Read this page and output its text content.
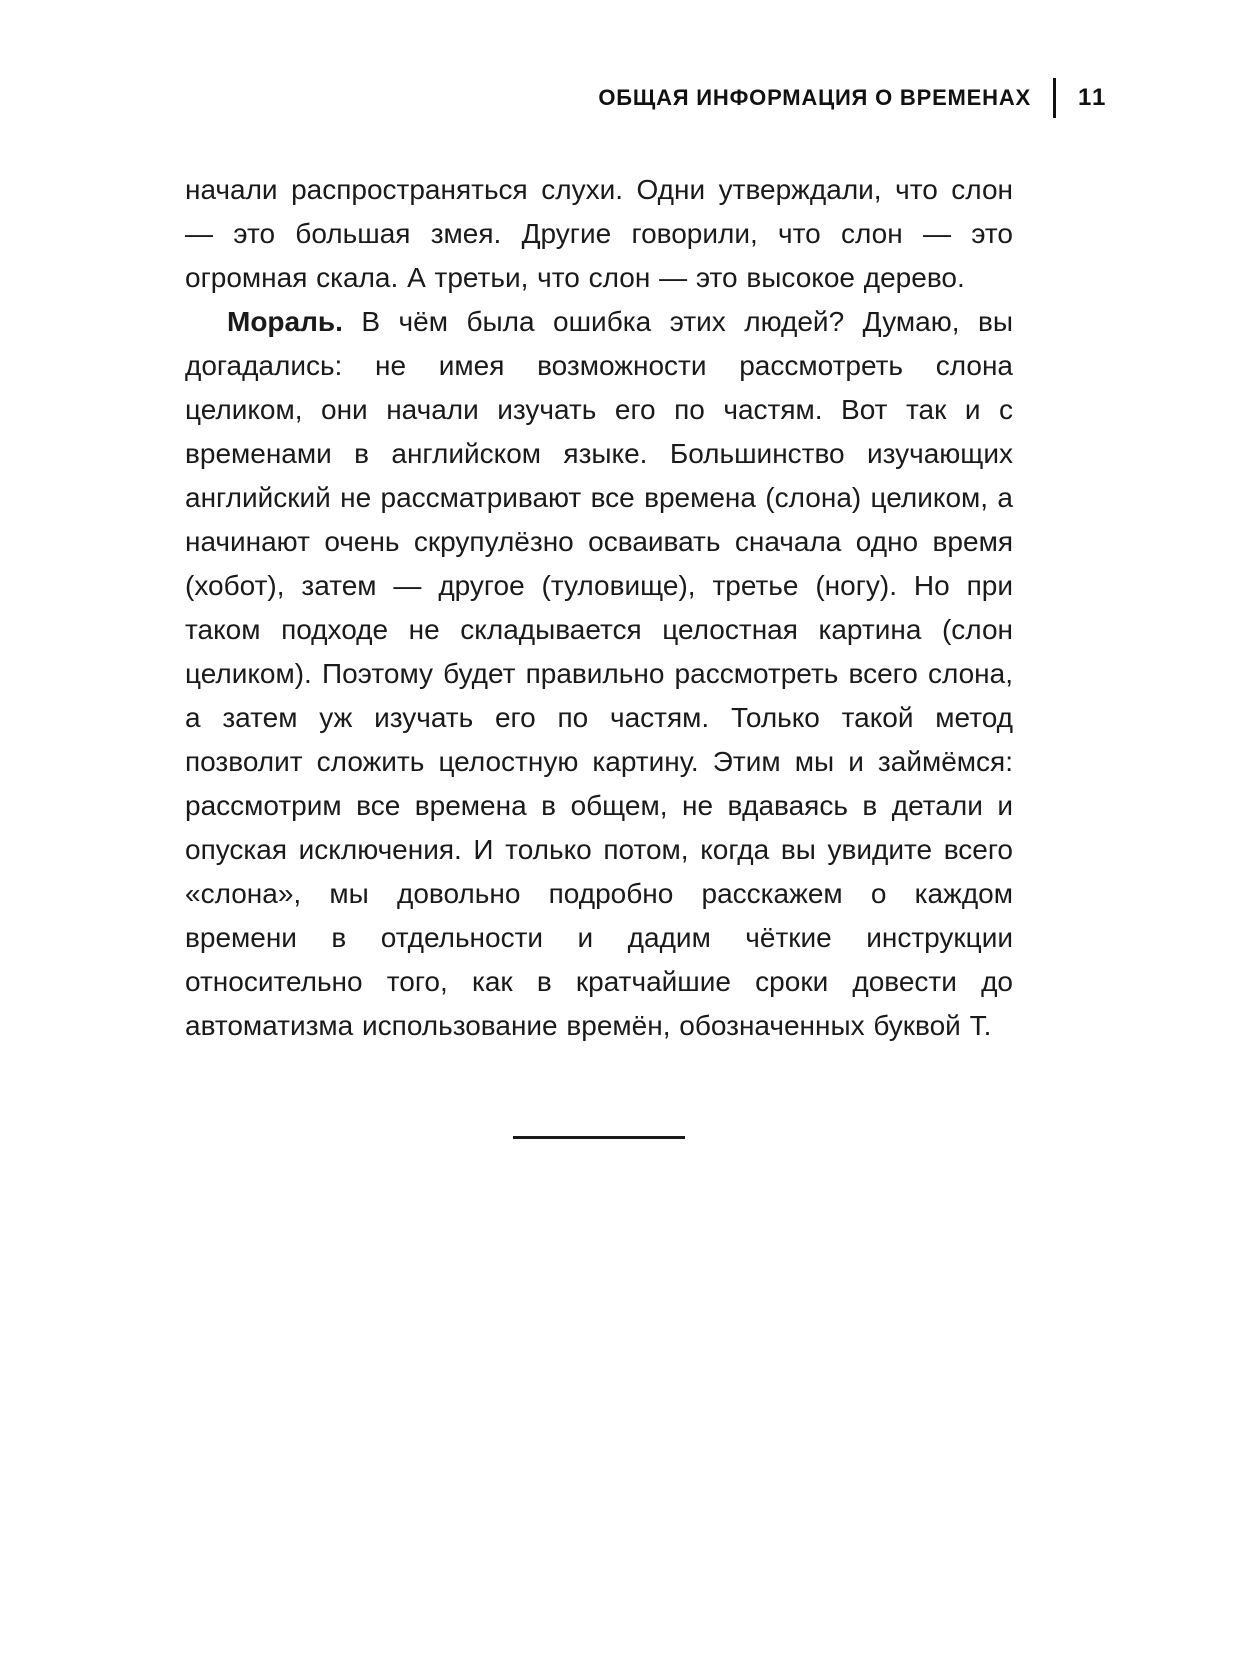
ОБЩАЯ ИНФОРМАЦИЯ О ВРЕМЕНАХ 11

начали распространяться слухи. Одни утверждали, что слон — это большая змея. Другие говорили, что слон — это огромная скала. А третьи, что слон — это высокое дерево.

Мораль. В чём была ошибка этих людей? Думаю, вы догадались: не имея возможности рассмотреть слона целиком, они начали изучать его по частям. Вот так и с временами в английском языке. Большинство изучающих английский не рассматривают все времена (слона) целиком, а начинают очень скрупулёзно осваивать сначала одно время (хобот), затем — другое (туловище), третье (ногу). Но при таком подходе не складывается целостная картина (слон целиком). Поэтому будет правильно рассмотреть всего слона, а затем уж изучать его по частям. Только такой метод позволит сложить целостную картину. Этим мы и займёмся: рассмотрим все времена в общем, не вдаваясь в детали и опуская исключения. И только потом, когда вы увидите всего «слона», мы довольно подробно расскажем о каждом времени в отдельности и дадим чёткие инструкции относительно того, как в кратчайшие сроки довести до автоматизма использование времён, обозначенных буквой Т.
